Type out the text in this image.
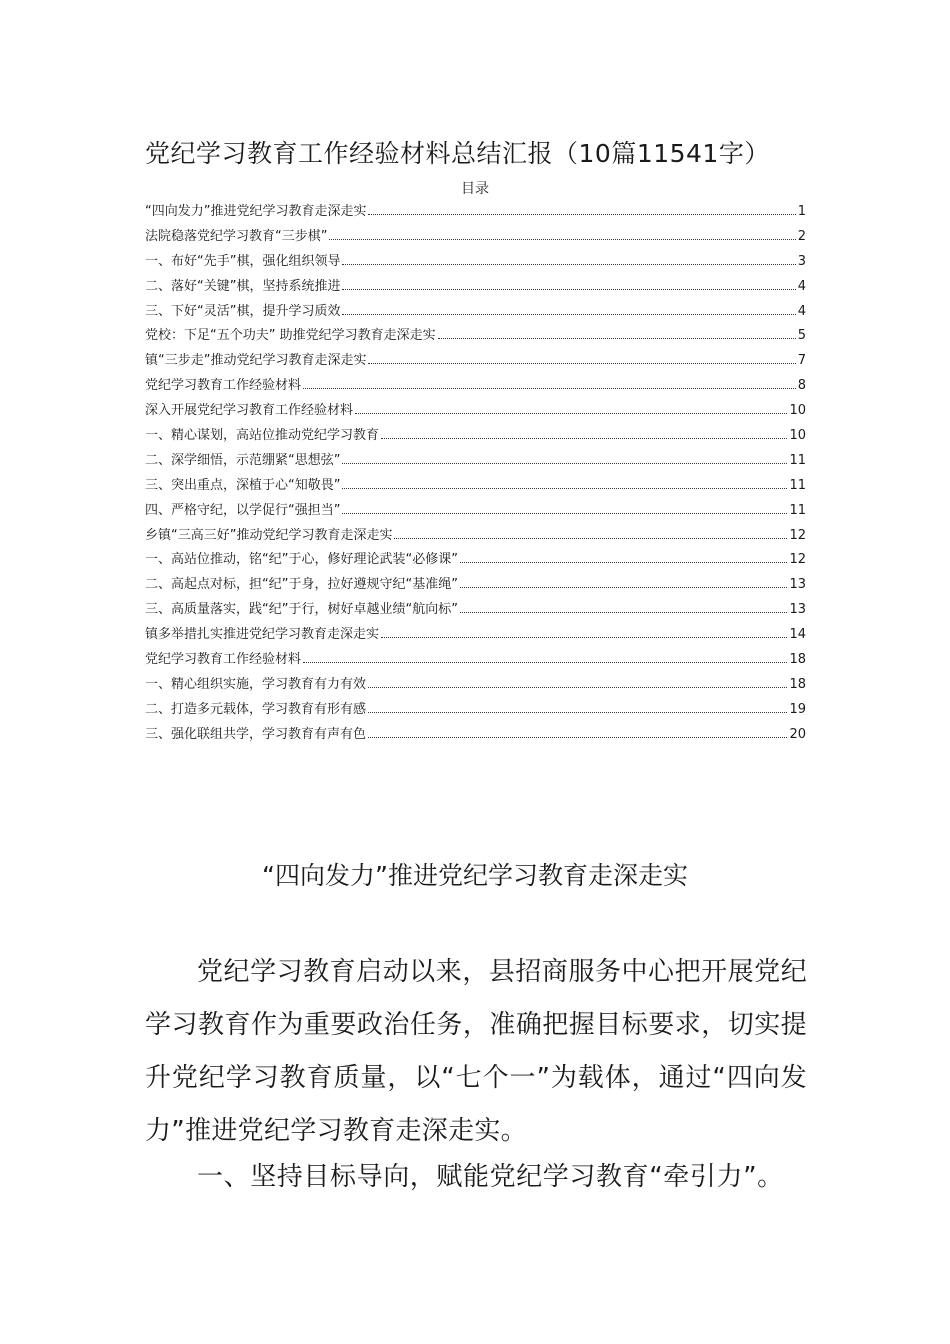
党纪学习教育工作经验材料总结汇报（10篇11541字）
目录
“四向发力”推进党纪学习教育走深走实	1
法院稳落党纪学习教育“三步棋”	2
一、布好“先手”棋，强化组织领导	3
二、落好“关键”棋，坚持系统推进	4
三、下好“灵活”棋，提升学习质效	4
党校：下足“五个功夫” 助推党纪学习教育走深走实	5
镇“三步走”推动党纪学习教育走深走实	7
党纪学习教育工作经验材料	8
深入开展党纪学习教育工作经验材料	10
一、精心谋划，高站位推动党纪学习教育	10
二、深学细悟，示范绷紧“思想弦”	11
三、突出重点，深植于心“知敬畏”	11
四、严格守纪，以学促行“强担当”	11
乡镇“三高三好”推动党纪学习教育走深走实	12
一、高站位推动，铭“纪”于心，修好理论武装“必修课”	12
二、高起点对标，担“纪”于身，拉好遵规守纪“基准绳”	13
三、高质量落实，践“纪”于行，树好卓越业绩“航向标”	13
镇多举措扎实推进党纪学习教育走深走实	14
党纪学习教育工作经验材料	18
一、精心组织实施，学习教育有力有效	18
二、打造多元载体，学习教育有形有感	19
三、强化联组共学，学习教育有声有色	20
“四向发力”推进党纪学习教育走深走实

党纪学习教育启动以来，县招商服务中心把开展党纪学习教育作为重要政治任务，准确把握目标要求，切实提升党纪学习教育质量，以“七个一”为载体，通过“四向发力”推进党纪学习教育走深走实。

一、坚持目标导向，赋能党纪学习教育“牵引力”。
